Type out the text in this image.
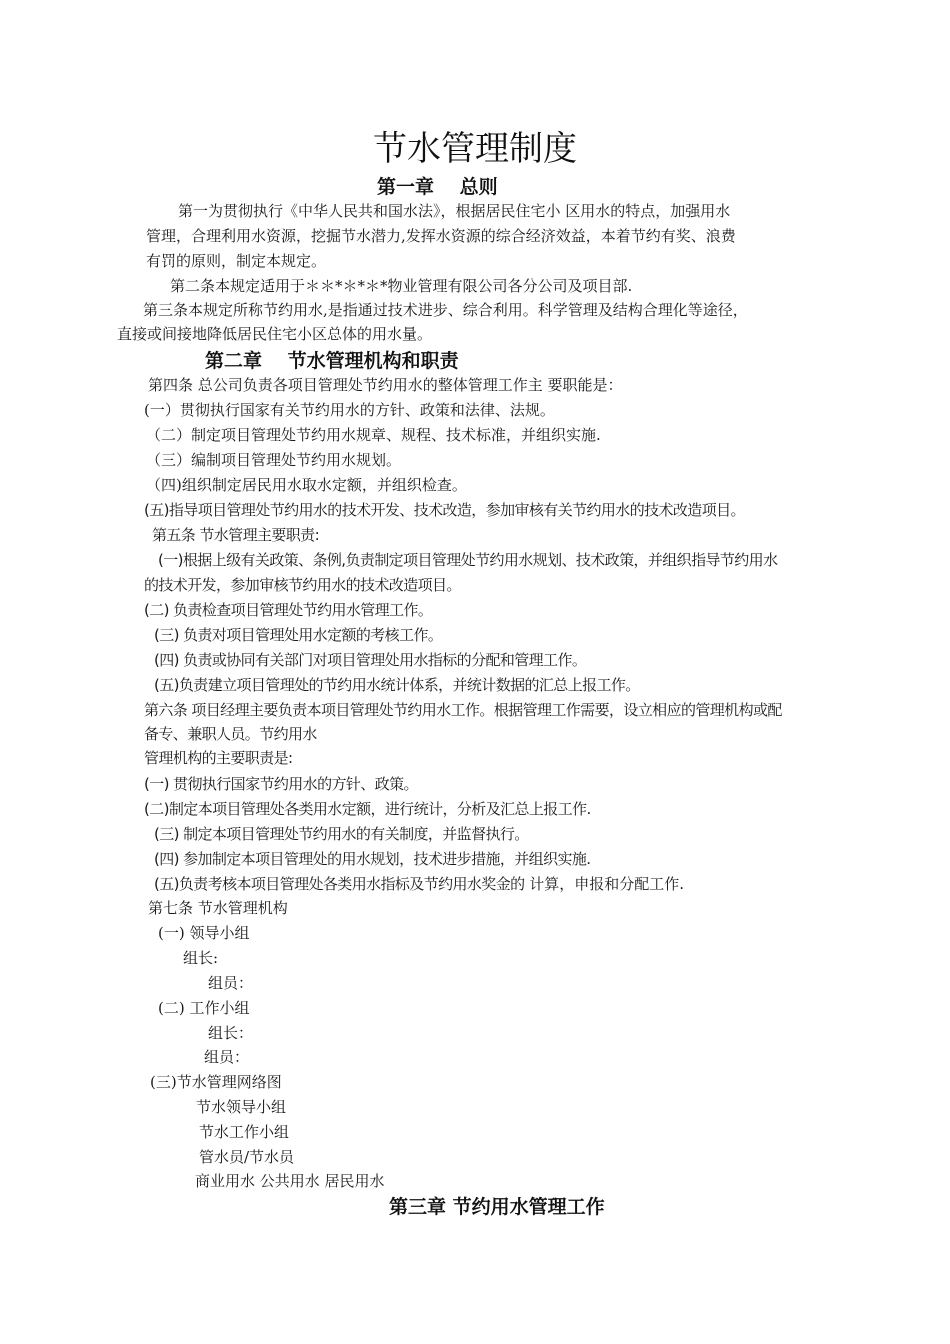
节水管理制度
第一章　 总则
第一为贯彻执行《中华人民共和国水法》，根据居民住宅小 区用水的特点，加强用水
管理，合理利用水资源，挖掘节水潜力,发挥水资源的综合经济效益，本着节约有奖、浪费
有罚的原则，制定本规定。
第二条本规定适用于＊＊*＊*＊*物业管理有限公司各分公司及项目部.
第三条本规定所称节约用水,是指通过技术进步、综合利用。科学管理及结构合理化等途径，
直接或间接地降低居民住宅小区总体的用水量。
第二章　 节水管理机构和职责
第四条 总公司负责各项目管理处节约用水的整体管理工作主 要职能是：
(一）贯彻执行国家有关节约用水的方针、政策和法律、法规。
（二）制定项目管理处节约用水规章、规程、技术标准，并组织实施.
（三）编制项目管理处节约用水规划。
（四)组织制定居民用水取水定额，并组织检查。
(五)指导项目管理处节约用水的技术开发、技术改造，参加审核有关节约用水的技术改造项目。
第五条 节水管理主要职责:
(一)根据上级有关政策、条例,负责制定项目管理处节约用水规划、技术政策，并组织指导节约用水
的技术开发，参加审核节约用水的技术改造项目。
(二) 负责检查项目管理处节约用水管理工作。
(三) 负责对项目管理处用水定额的考核工作。
(四) 负责或协同有关部门对项目管理处用水指标的分配和管理工作。
(五)负责建立项目管理处的节约用水统计体系，并统计数据的汇总上报工作。
第六条 项目经理主要负责本项目管理处节约用水工作。根据管理工作需要，设立相应的管理机构或配
备专、兼职人员。节约用水
管理机构的主要职责是:
(一) 贯彻执行国家节约用水的方针、政策。
(二)制定本项目管理处各类用水定额，进行统计，分析及汇总上报工作.
(三) 制定本项目管理处节约用水的有关制度，并监督执行。
(四) 参加制定本项目管理处的用水规划，技术进步措施，并组织实施.
(五)负责考核本项目管理处各类用水指标及节约用水奖金的 计算，申报和分配工作.
第七条 节水管理机构
(一) 领导小组
组长:
组员：
(二) 工作小组
组长：
组员：
(三)节水管理网络图
节水领导小组
节水工作小组
管水员/节水员
商业用水 公共用水 居民用水
第三章 节约用水管理工作
